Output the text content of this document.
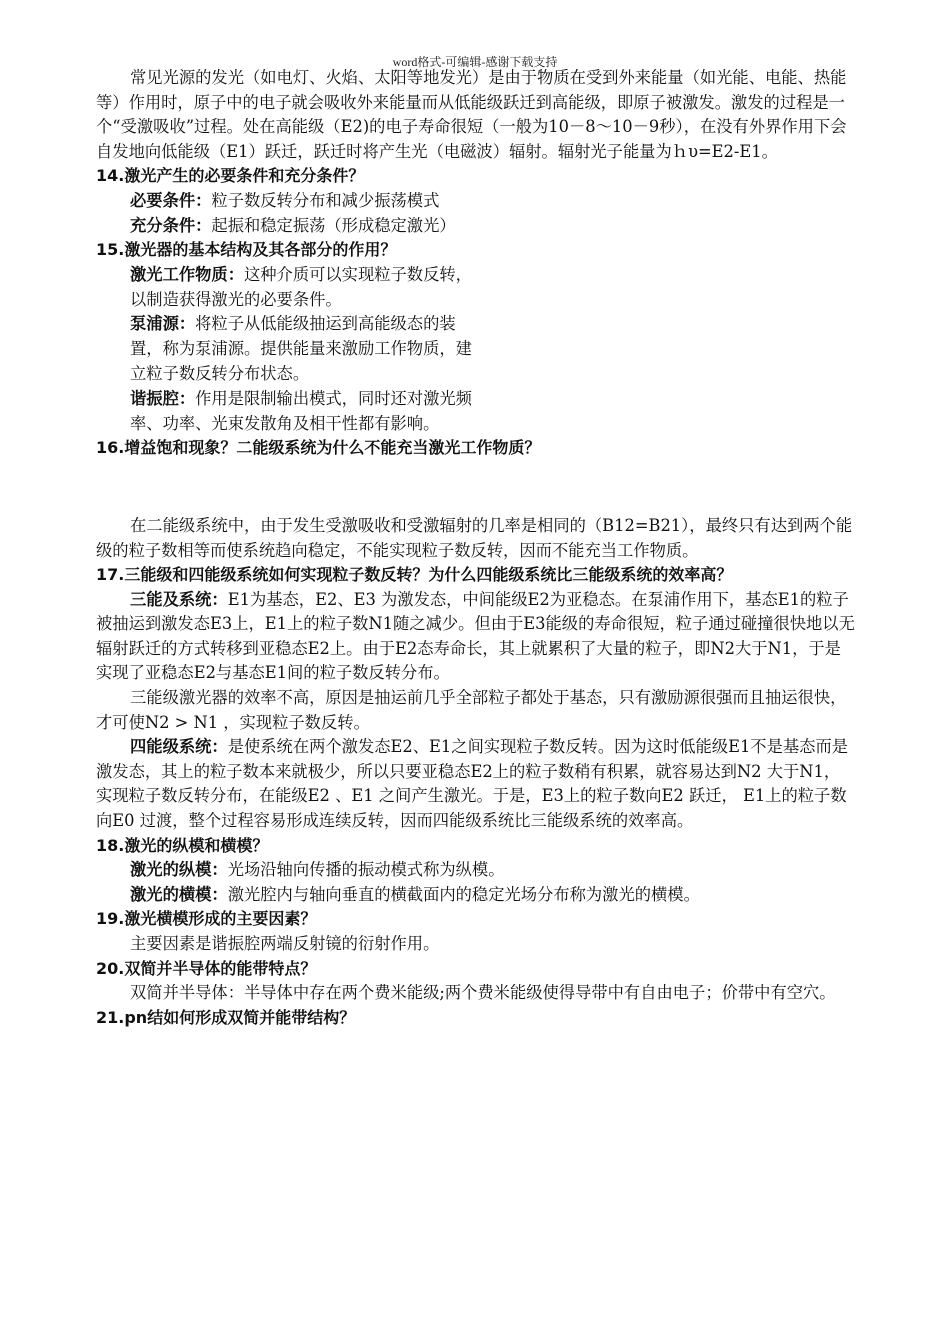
word格式-可编辑-感谢下载支持

常见光源的发光（如电灯、火焰、太阳等地发光）是由于物质在受到外来能量（如光能、电能、热能等）作用时，原子中的电子就会吸收外来能量而从低能级跃迁到高能级，即原子被激发。激发的过程是一个“受激吸收”过程。处在高能级（E2)的电子寿命很短（一般为10－8～10－9秒），在没有外界作用下会自发地向低能级（E1）跃迁，跃迁时将产生光（电磁波）辐射。辐射光子能量为ｈυ=E2-E1。

14.激光产生的必要条件和充分条件？

必要条件：粒子数反转分布和减少振荡模式

充分条件：起振和稳定振荡（形成稳定激光）

15.激光器的基本结构及其各部分的作用？

激光工作物质：这种介质可以实现粒子数反转，以制造获得激光的必要条件。

泵浦源：将粒子从低能级抽运到高能级态的装置，称为泵浦源。提供能量来激励工作物质，建立粒子数反转分布状态。

谐振腔：作用是限制输出模式，同时还对激光频率、功率、光束发散角及相干性都有影响。

16.增益饱和现象？二能级系统为什么不能充当激光工作物质？

在二能级系统中，由于发生受激吸收和受激辐射的几率是相同的（B12=B21），最终只有达到两个能级的粒子数相等而使系统趋向稳定，不能实现粒子数反转，因而不能充当工作物质。

17.三能级和四能级系统如何实现粒子数反转？为什么四能级系统比三能级系统的效率高？

三能及系统：E1为基态，E2、E3 为激发态，中间能级E2为亚稳态。在泵浦作用下，基态E1的粒子被抽运到激发态E3上，E1上的粒子数N1随之减少。但由于E3能级的寿命很短，粒子通过碰撞很快地以无辐射跃迁的方式转移到亚稳态E2上。由于E2态寿命长，其上就累积了大量的粒子，即N2大于N1，于是实现了亚稳态E2与基态E1间的粒子数反转分布。

三能级激光器的效率不高，原因是抽运前几乎全部粒子都处于基态，只有激励源很强而且抽运很快，才可使N2 > N1 ，实现粒子数反转。

四能级系统：是使系统在两个激发态E2、E1之间实现粒子数反转。因为这时低能级E1不是基态而是激发态，其上的粒子数本来就极少，所以只要亚稳态E2上的粒子数稍有积累，就容易达到N2 大于N1，实现粒子数反转分布，在能级E2 、E1 之间产生激光。于是，E3上的粒子数向E2 跃迁， E1上的粒子数向E0 过渡，整个过程容易形成连续反转，因而四能级系统比三能级系统的效率高。

18.激光的纵模和横模？

激光的纵模：光场沿轴向传播的振动模式称为纵模。

激光的横模：激光腔内与轴向垂直的横截面内的稳定光场分布称为激光的横模。

19.激光横模形成的主要因素？

主要因素是谐振腔两端反射镜的衍射作用。

20.双简并半导体的能带特点？

双简并半导体：半导体中存在两个费米能级;两个费米能级使得导带中有自由电子；价带中有空穴。

21.pn结如何形成双简并能带结构？
